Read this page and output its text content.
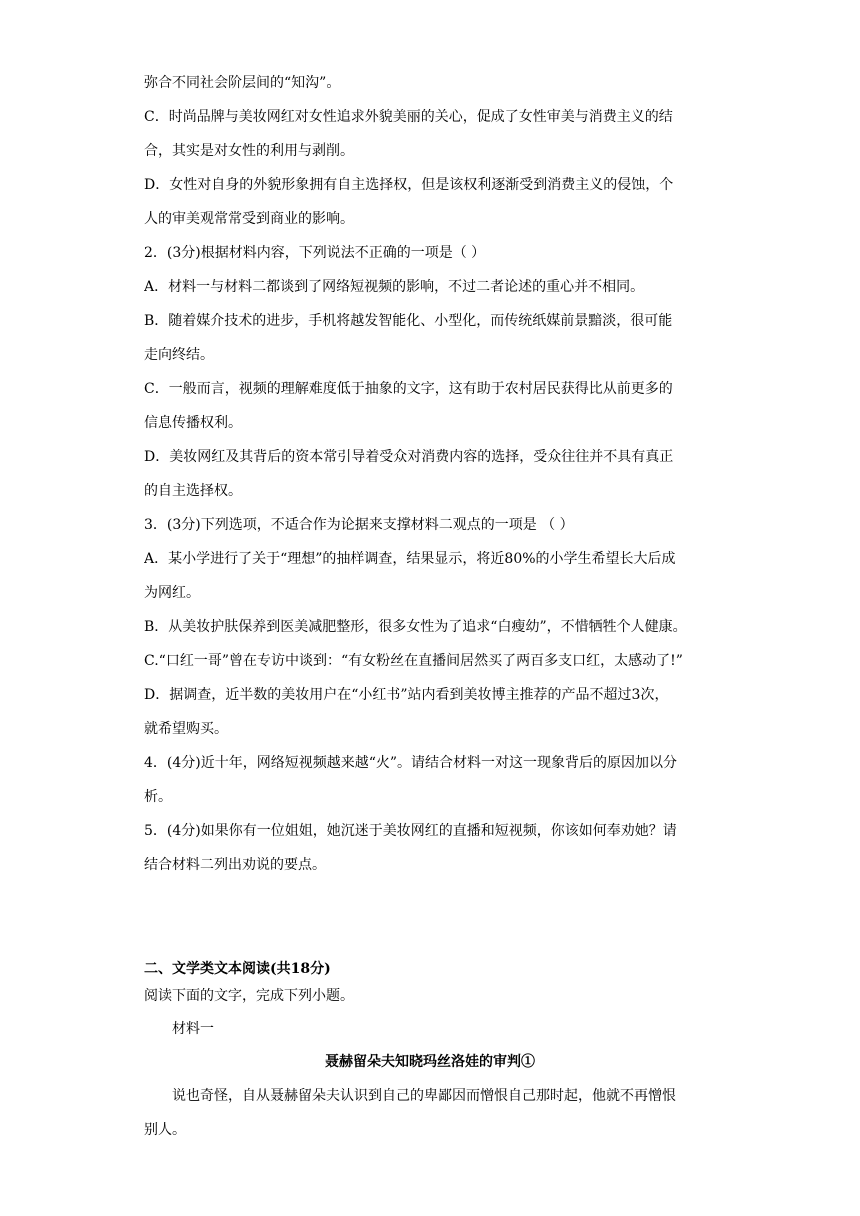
弥合不同社会阶层间的“知沟”。
C．时尚品牌与美妆网红对女性追求外貌美丽的关心，促成了女性审美与消费主义的结
合，其实是对女性的利用与剥削。
D．女性对自身的外貌形象拥有自主选择权，但是该权利逐渐受到消费主义的侵蚀，个
人的审美观常常受到商业的影响。
2．(3分)根据材料内容，下列说法不正确的一项是（ ）
A．材料一与材料二都谈到了网络短视频的影响，不过二者论述的重心并不相同。
B．随着媒介技术的进步，手机将越发智能化、小型化，而传统纸媒前景黯淡，很可能
走向终结。
C．一般而言，视频的理解难度低于抽象的文字，这有助于农村居民获得比从前更多的
信息传播权利。
D．美妆网红及其背后的资本常引导着受众对消费内容的选择，受众往往并不具有真正
的自主选择权。
3．(3分)下列选项，不适合作为论据来支撑材料二观点的一项是 （ ）
A．某小学进行了关于“理想”的抽样调查，结果显示，将近80%的小学生希望长大后成
为网红。
B．从美妆护肤保养到医美减肥整形，很多女性为了追求“白瘦幼”，不惜牺牲个人健康。
C.“口红一哥”曾在专访中谈到：“有女粉丝在直播间居然买了两百多支口红，太感动了!”
D．据调查，近半数的美妆用户在“小红书”站内看到美妆博主推荐的产品不超过3次，
就希望购买。
4．(4分)近十年，网络短视频越来越“火”。请结合材料一对这一现象背后的原因加以分
析。
5．(4分)如果你有一位姐姐，她沉迷于美妆网红的直播和短视频，你该如何奉劝她？请
结合材料二列出劝说的要点。
二、文学类文本阅读(共18分)
阅读下面的文字，完成下列小题。
材料一
聂赫留朵夫知晓玛丝洛娃的审判①
说也奇怪，自从聂赫留朵夫认识到自己的卑鄙因而憎恨自己那时起，他就不再憎恨
别人。
